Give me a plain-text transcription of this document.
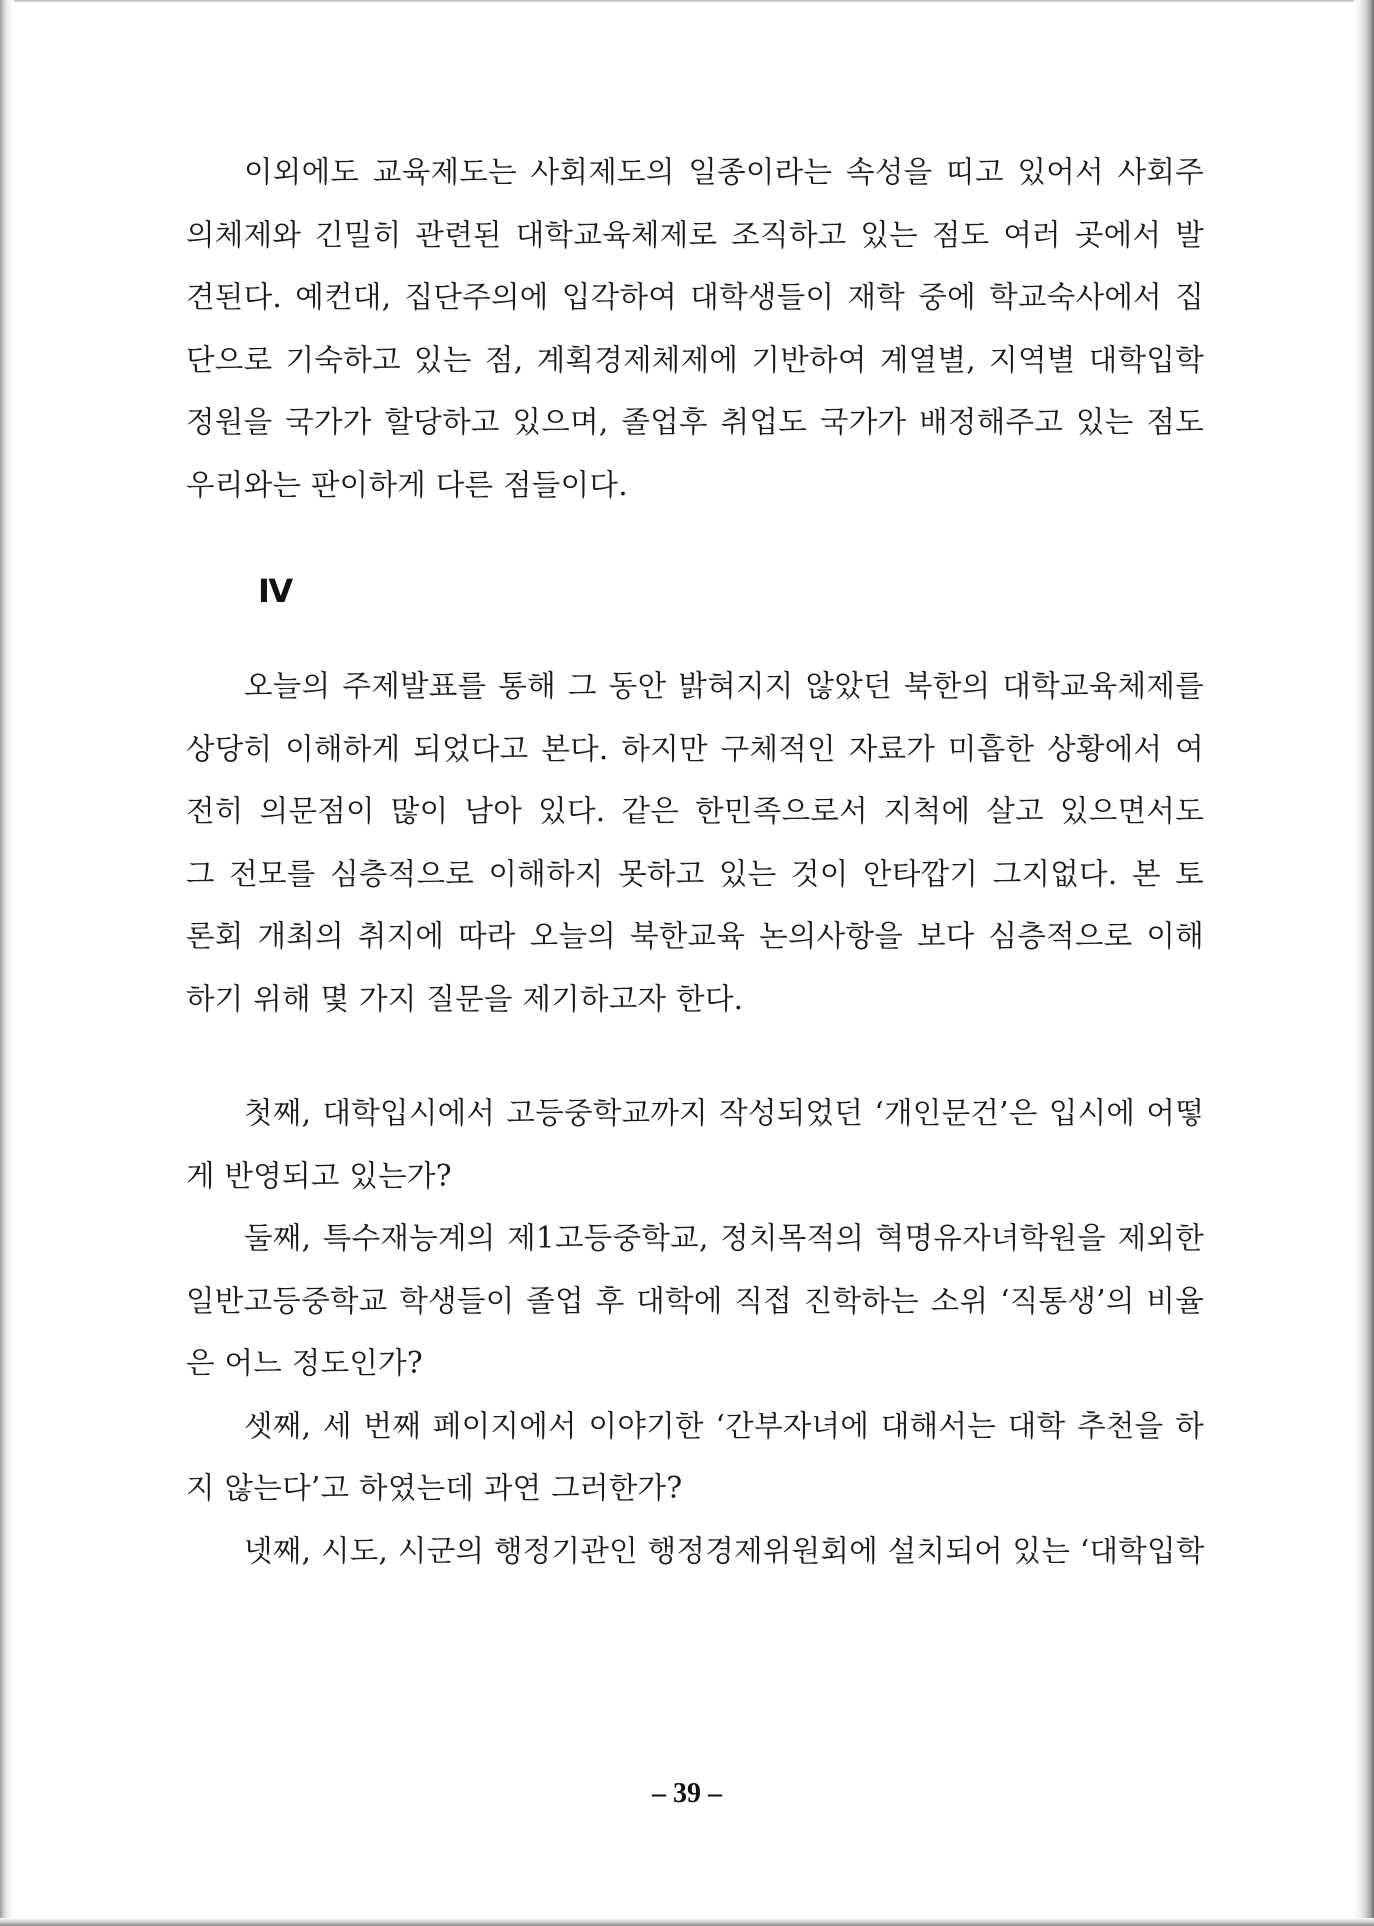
이외에도 교육제도는 사회제도의 일종이라는 속성을 띠고 있어서 사회주
의체제와 긴밀히 관련된 대학교육체제로 조직하고 있는 점도 여러 곳에서 발
견된다. 예컨대, 집단주의에 입각하여 대학생들이 재학 중에 학교숙사에서 집
단으로 기숙하고 있는 점, 계획경제체제에 기반하여 계열별, 지역별 대학입학
정원을 국가가 할당하고 있으며, 졸업후 취업도 국가가 배정해주고 있는 점도
우리와는 판이하게 다른 점들이다.
Ⅳ
오늘의 주제발표를 통해 그 동안 밝혀지지 않았던 북한의 대학교육체제를
상당히 이해하게 되었다고 본다. 하지만 구체적인 자료가 미흡한 상황에서 여
전히 의문점이 많이 남아 있다. 같은 한민족으로서 지척에 살고 있으면서도
그 전모를 심층적으로 이해하지 못하고 있는 것이 안타깝기 그지없다. 본 토
론회 개최의 취지에 따라 오늘의 북한교육 논의사항을 보다 심층적으로 이해
하기 위해 몇 가지 질문을 제기하고자 한다.
첫째, 대학입시에서 고등중학교까지 작성되었던 ‘개인문건’은 입시에 어떻
게 반영되고 있는가?
둘째, 특수재능계의 제1고등중학교, 정치목적의 혁명유자녀학원을 제외한
일반고등중학교 학생들이 졸업 후 대학에 직접 진학하는 소위 ‘직통생’의 비율
은 어느 정도인가?
셋째, 세 번째 페이지에서 이야기한 ‘간부자녀에 대해서는 대학 추천을 하
지 않는다’고 하였는데 과연 그러한가?
넷째, 시도, 시군의 행정기관인 행정경제위원회에 설치되어 있는 ‘대학입학
– 39 –
